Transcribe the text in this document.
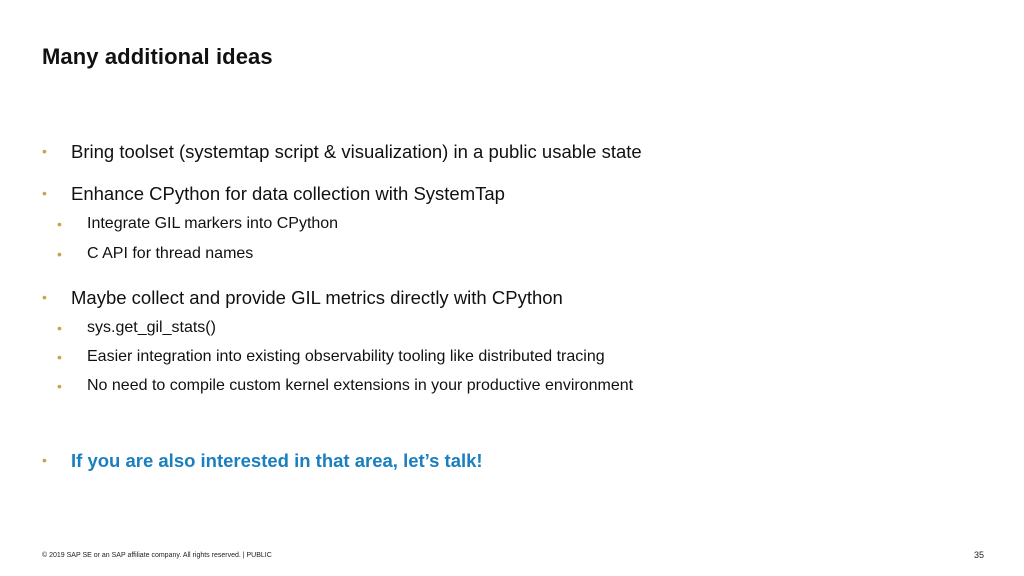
Many additional ideas
• Bring toolset (systemtap script & visualization) in a public usable state
• Enhance CPython for data collection with SystemTap
• Integrate GIL markers into CPython
• C API for thread names
• Maybe collect and provide GIL metrics directly with CPython
• sys.get_gil_stats()
• Easier integration into existing observability tooling like distributed tracing
• No need to compile custom kernel extensions in your productive environment
• If you are also interested in that area, let’s talk!
© 2019 SAP SE or an SAP affiliate company. All rights reserved. | PUBLIC	35
